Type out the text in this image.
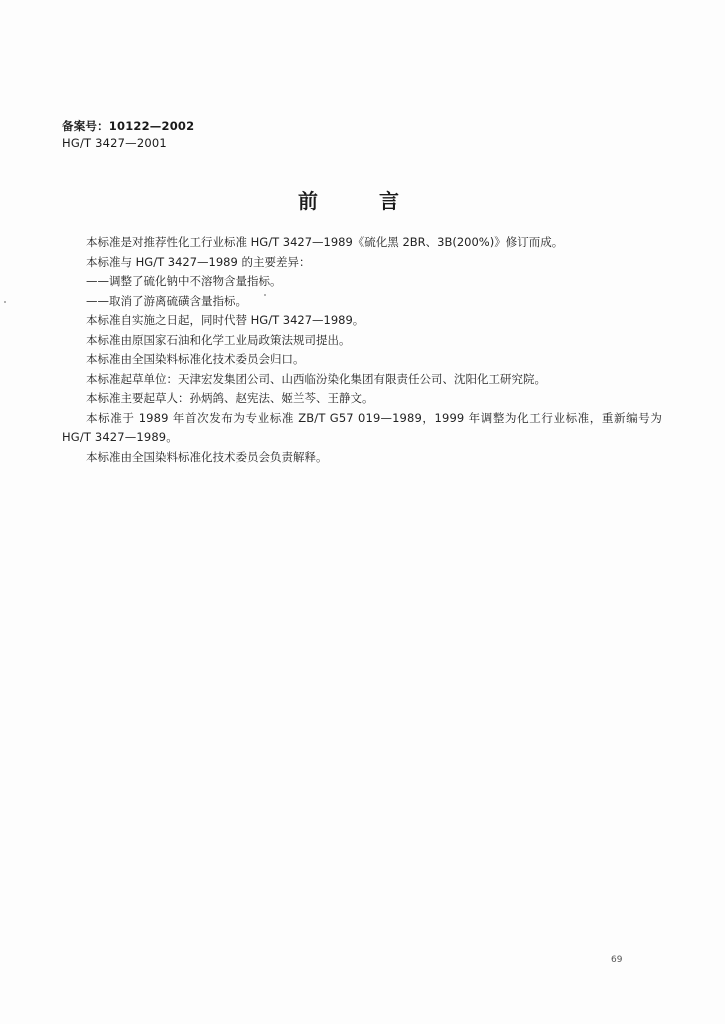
备案号：10122—2002
HG/T 3427—2001
前	言

本标准是对推荐性化工行业标准 HG/T 3427—1989《硫化黑 2BR、3B(200%)》修订而成。

本标准与 HG/T 3427—1989 的主要差异：

——调整了硫化钠中不溶物含量指标。

——取消了游离硫磺含量指标。

本标准自实施之日起，同时代替 HG/T 3427—1989。

本标准由原国家石油和化学工业局政策法规司提出。

本标准由全国染料标准化技术委员会归口。

本标准起草单位：天津宏发集团公司、山西临汾染化集团有限责任公司、沈阳化工研究院。

本标准主要起草人：孙炳鸽、赵宪法、姬兰芩、王静文。

本标准于 1989 年首次发布为专业标准 ZB/T G57 019—1989，1999 年调整为化工行业标准，重新编号为 HG/T 3427—1989。

本标准由全国染料标准化技术委员会负责解释。

69
